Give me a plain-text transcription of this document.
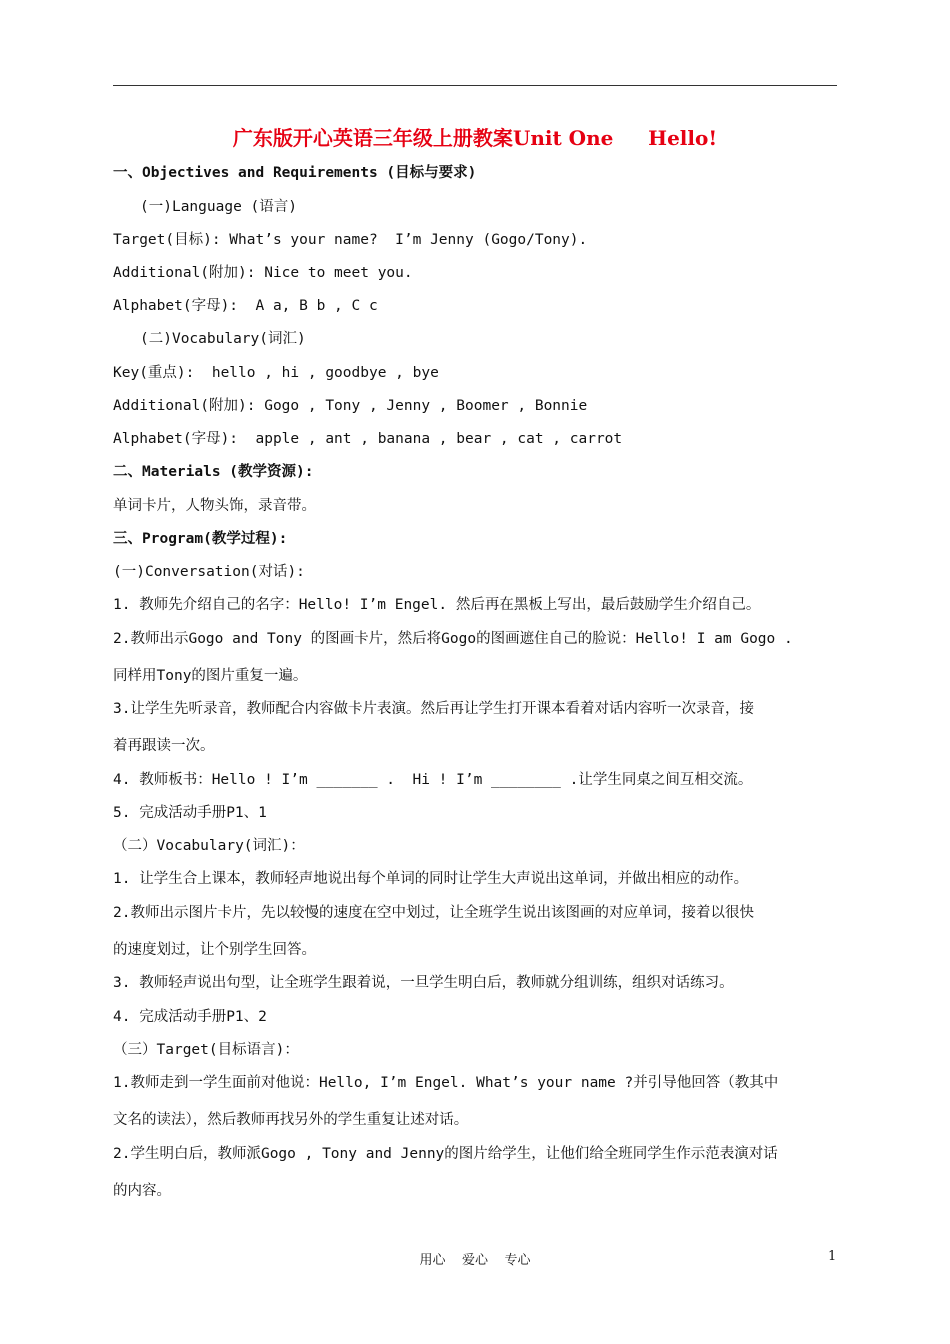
广东版开心英语三年级上册教案Unit One     Hello!
一、Objectives and Requirements (目标与要求)
(一)Language (语言)
Target(目标): What’s your name?  I’m Jenny (Gogo/Tony).
Additional(附加): Nice to meet you.
Alphabet(字母):  A a, B b , C c
(二)Vocabulary(词汇)
Key(重点):  hello , hi , goodbye , bye
Additional(附加): Gogo , Tony , Jenny , Boomer , Bonnie
Alphabet(字母):  apple , ant , banana , bear , cat , carrot
二、Materials (教学资源):
单词卡片，人物头饰，录音带。
三、Program(教学过程):
(一)Conversation(对话):
1. 教师先介绍自己的名字：Hello! I’m Engel. 然后再在黑板上写出，最后鼓励学生介绍自己。
2.教师出示Gogo and Tony 的图画卡片，然后将Gogo的图画遮住自己的脸说：Hello! I am Gogo .
同样用Tony的图片重复一遍。
3.让学生先听录音，教师配合内容做卡片表演。然后再让学生打开课本看着对话内容听一次录音，接
着再跟读一次。
4. 教师板书：Hello ! I’m _______ .  Hi ! I’m ________ .让学生同桌之间互相交流。
5. 完成活动手册P1、1
（二）Vocabulary(词汇)：
1. 让学生合上课本，教师轻声地说出每个单词的同时让学生大声说出这单词，并做出相应的动作。
2.教师出示图片卡片，先以较慢的速度在空中划过，让全班学生说出该图画的对应单词，接着以很快
的速度划过，让个别学生回答。
3. 教师轻声说出句型，让全班学生跟着说，一旦学生明白后，教师就分组训练，组织对话练习。
4. 完成活动手册P1、2
（三）Target(目标语言)：
1.教师走到一学生面前对他说：Hello, I’m Engel. What’s your name ?并引导他回答（教其中
文名的读法），然后教师再找另外的学生重复让述对话。
2.学生明白后，教师派Gogo , Tony and Jenny的图片给学生，让他们给全班同学生作示范表演对话
的内容。
用心    爱心    专心	1
